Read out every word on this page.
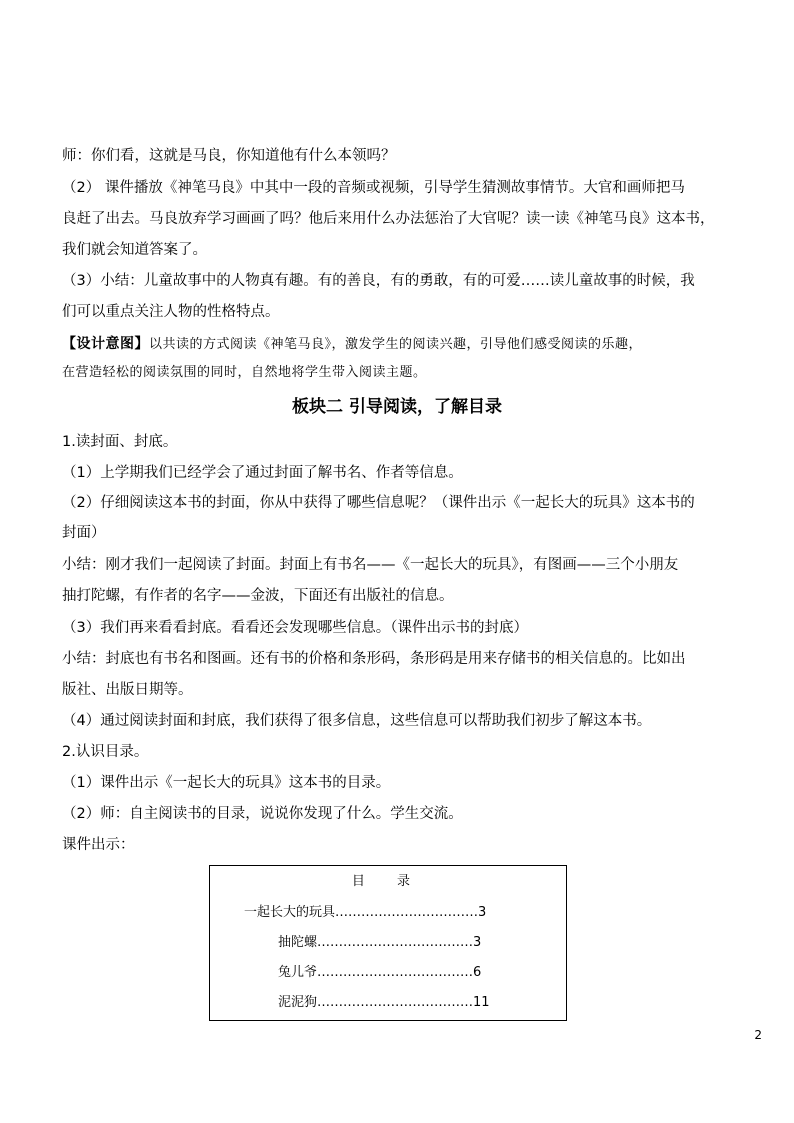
师：你们看，这就是马良，你知道他有什么本领吗？
（2） 课件播放《神笔马良》中其中一段的音频或视频，引导学生猜测故事情节。大官和画师把马
良赶了出去。马良放弃学习画画了吗？他后来用什么办法惩治了大官呢？读一读《神笔马良》这本书，
我们就会知道答案了。
（3）小结：儿童故事中的人物真有趣。有的善良，有的勇敢，有的可爱……读儿童故事的时候，我
们可以重点关注人物的性格特点。
【设计意图】以共读的方式阅读《神笔马良》，激发学生的阅读兴趣，引导他们感受阅读的乐趣，
在营造轻松的阅读氛围的同时，自然地将学生带入阅读主题。
板块二 引导阅读，了解目录
1.读封面、封底。
（1）上学期我们已经学会了通过封面了解书名、作者等信息。
（2）仔细阅读这本书的封面，你从中获得了哪些信息呢？（课件出示《一起长大的玩具》这本书的
封面）
小结：刚才我们一起阅读了封面。封面上有书名——《一起长大的玩具》，有图画——三个小朋友
抽打陀螺，有作者的名字——金波，下面还有出版社的信息。
（3）我们再来看看封底。看看还会发现哪些信息。（课件出示书的封底）
小结：封底也有书名和图画。还有书的价格和条形码，条形码是用来存储书的相关信息的。比如出
版社、出版日期等。
（4）通过阅读封面和封底，我们获得了很多信息，这些信息可以帮助我们初步了解这本书。
2.认识目录。
（1）课件出示《一起长大的玩具》这本书的目录。
（2）师：自主阅读书的目录，说说你发现了什么。学生交流。
课件出示：
目 录
一起长大的玩具……………………………3
抽陀螺………………………………3
兔儿爷………………………………6
泥泥狗………………………………11
2
